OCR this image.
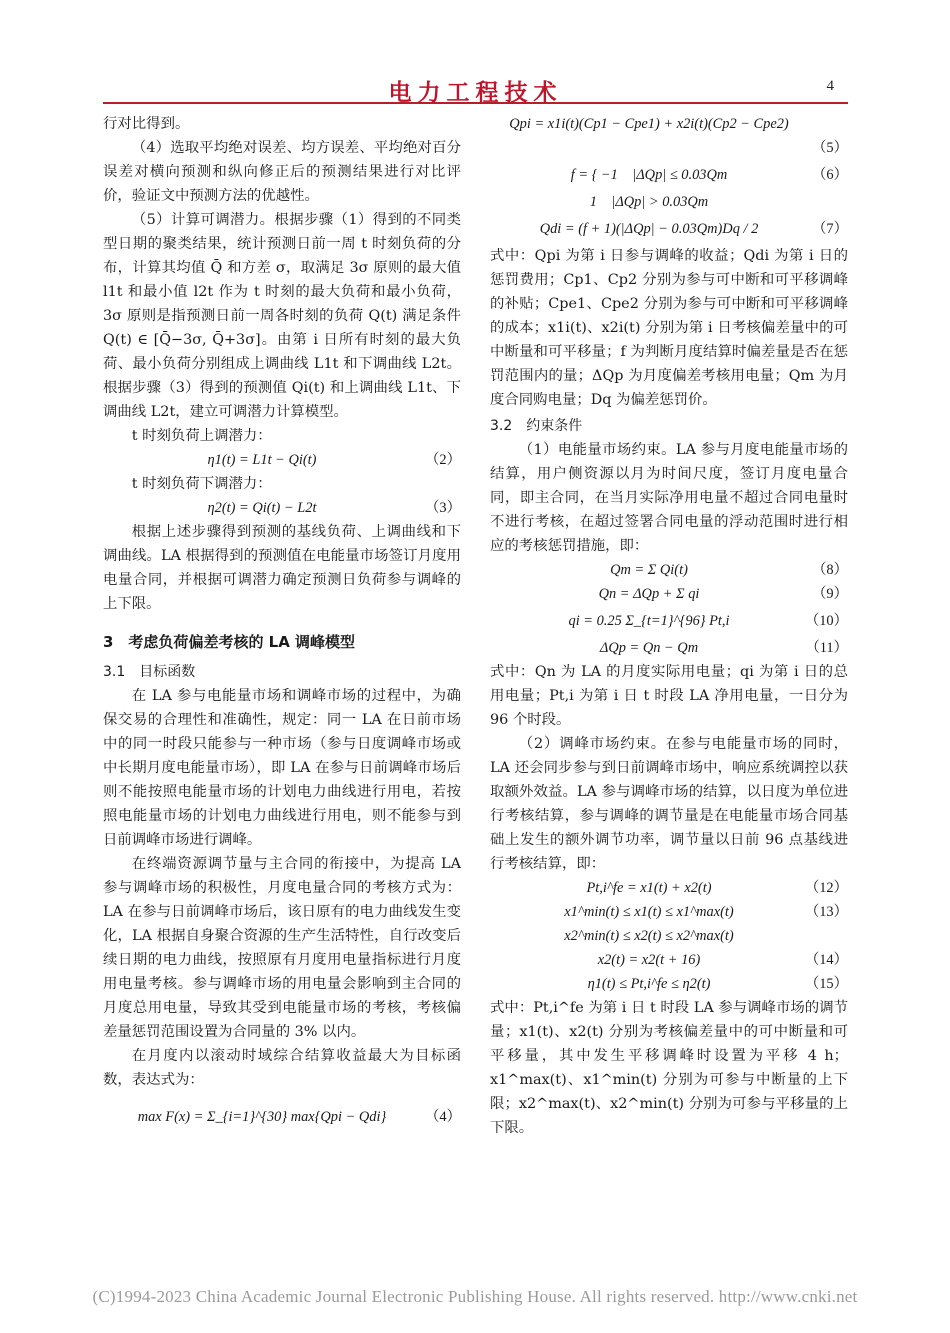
电力工程技术	4

行对比得到。

（4）选取平均绝对误差、均方误差、平均绝对百分误差对横向预测和纵向修正后的预测结果进行对比评价，验证文中预测方法的优越性。

（5）计算可调潜力。根据步骤（1）得到的不同类型日期的聚类结果，统计预测日前一周 t 时刻负荷的分布，计算其均值 Q̄ 和方差 σ，取满足 3σ 原则的最大值 l1t 和最小值 l2t 作为 t 时刻的最大负荷和最小负荷，3σ 原则是指预测日前一周各时刻的负荷 Q(t) 满足条件 Q(t) ∈ [Q̄−3σ, Q̄+3σ]。由第 i 日所有时刻的最大负荷、最小负荷分别组成上调曲线 L1t 和下调曲线 L2t。根据步骤（3）得到的预测值 Qi(t) 和上调曲线 L1t、下调曲线 L2t，建立可调潜力计算模型。

t 时刻负荷上调潜力：

η1(t) = L1t − Qi(t)	（2）

t 时刻负荷下调潜力：

η2(t) = Qi(t) − L2t	（3）

根据上述步骤得到预测的基线负荷、上调曲线和下调曲线。LA 根据得到的预测值在电能量市场签订月度用电量合同，并根据可调潜力确定预测日负荷参与调峰的上下限。

3　考虑负荷偏差考核的 LA 调峰模型
3.1　目标函数

在 LA 参与电能量市场和调峰市场的过程中，为确保交易的合理性和准确性，规定：同一 LA 在日前市场中的同一时段只能参与一种市场（参与日度调峰市场或中长期月度电能量市场），即 LA 在参与日前调峰市场后则不能按照电能量市场的计划电力曲线进行用电，若按照电能量市场的计划电力曲线进行用电，则不能参与到日前调峰市场进行调峰。

在终端资源调节量与主合同的衔接中，为提高 LA 参与调峰市场的积极性，月度电量合同的考核方式为：LA 在参与日前调峰市场后，该日原有的电力曲线发生变化，LA 根据自身聚合资源的生产生活特性，自行改变后续日期的电力曲线，按照原有月度用电量指标进行月度用电量考核。参与调峰市场的用电量会影响到主合同的月度总用电量，导致其受到电能量市场的考核，考核偏差量惩罚范围设置为合同量的 3% 以内。

在月度内以滚动时域综合结算收益最大为目标函数，表达式为：

max F(x) = Σ_{i=1}^{30} max{Qpi − Qdi}	（4）
Qpi = x1i(t)(Cp1 − Cpe1) + x2i(t)(Cp2 − Cpe2)
（5）
f = { −1　|ΔQp| ≤ 0.03Qm	（6）
1　|ΔQp| > 0.03Qm
Qdi = (f + 1)(|ΔQp| − 0.03Qm)Dq / 2	（7）

式中：Qpi 为第 i 日参与调峰的收益；Qdi 为第 i 日的惩罚费用；Cp1、Cp2 分别为参与可中断和可平移调峰的补贴；Cpe1、Cpe2 分别为参与可中断和可平移调峰的成本；x1i(t)、x2i(t) 分别为第 i 日考核偏差量中的可中断量和可平移量；f 为判断月度结算时偏差量是否在惩罚范围内的量；ΔQp 为月度偏差考核用电量；Qm 为月度合同购电量；Dq 为偏差惩罚价。

3.2　约束条件

（1）电能量市场约束。LA 参与月度电能量市场的结算，用户侧资源以月为时间尺度，签订月度电量合同，即主合同，在当月实际净用电量不超过合同电量时不进行考核，在超过签署合同电量的浮动范围时进行相应的考核惩罚措施，即：

Qm = Σ Qi(t)	（8）
Qn = ΔQp + Σ qi	（9）
qi = 0.25 Σ_{t=1}^{96} Pt,i	（10）
ΔQp = Qn − Qm	（11）

式中：Qn 为 LA 的月度实际用电量；qi 为第 i 日的总用电量；Pt,i 为第 i 日 t 时段 LA 净用电量，一日分为 96 个时段。

（2）调峰市场约束。在参与电能量市场的同时，LA 还会同步参与到日前调峰市场中，响应系统调控以获取额外效益。LA 参与调峰市场的结算，以日度为单位进行考核结算，参与调峰的调节量是在电能量市场合同基础上发生的额外调节功率，调节量以日前 96 点基线进行考核结算，即：

Pt,i^fe = x1(t) + x2(t)	（12）
x1^min(t) ≤ x1(t) ≤ x1^max(t)	（13）
x2^min(t) ≤ x2(t) ≤ x2^max(t)
x2(t) = x2(t + 16)	（14）
η1(t) ≤ Pt,i^fe ≤ η2(t)	（15）

式中：Pt,i^fe 为第 i 日 t 时段 LA 参与调峰市场的调节量；x1(t)、x2(t) 分别为考核偏差量中的可中断量和可平移量，其中发生平移调峰时设置为平移 4 h；x1^max(t)、x1^min(t) 分别为可参与中断量的上下限；x2^max(t)、x2^min(t) 分别为可参与平移量的上下限。

(C)1994-2023 China Academic Journal Electronic Publishing House. All rights reserved. http://www.cnki.net
